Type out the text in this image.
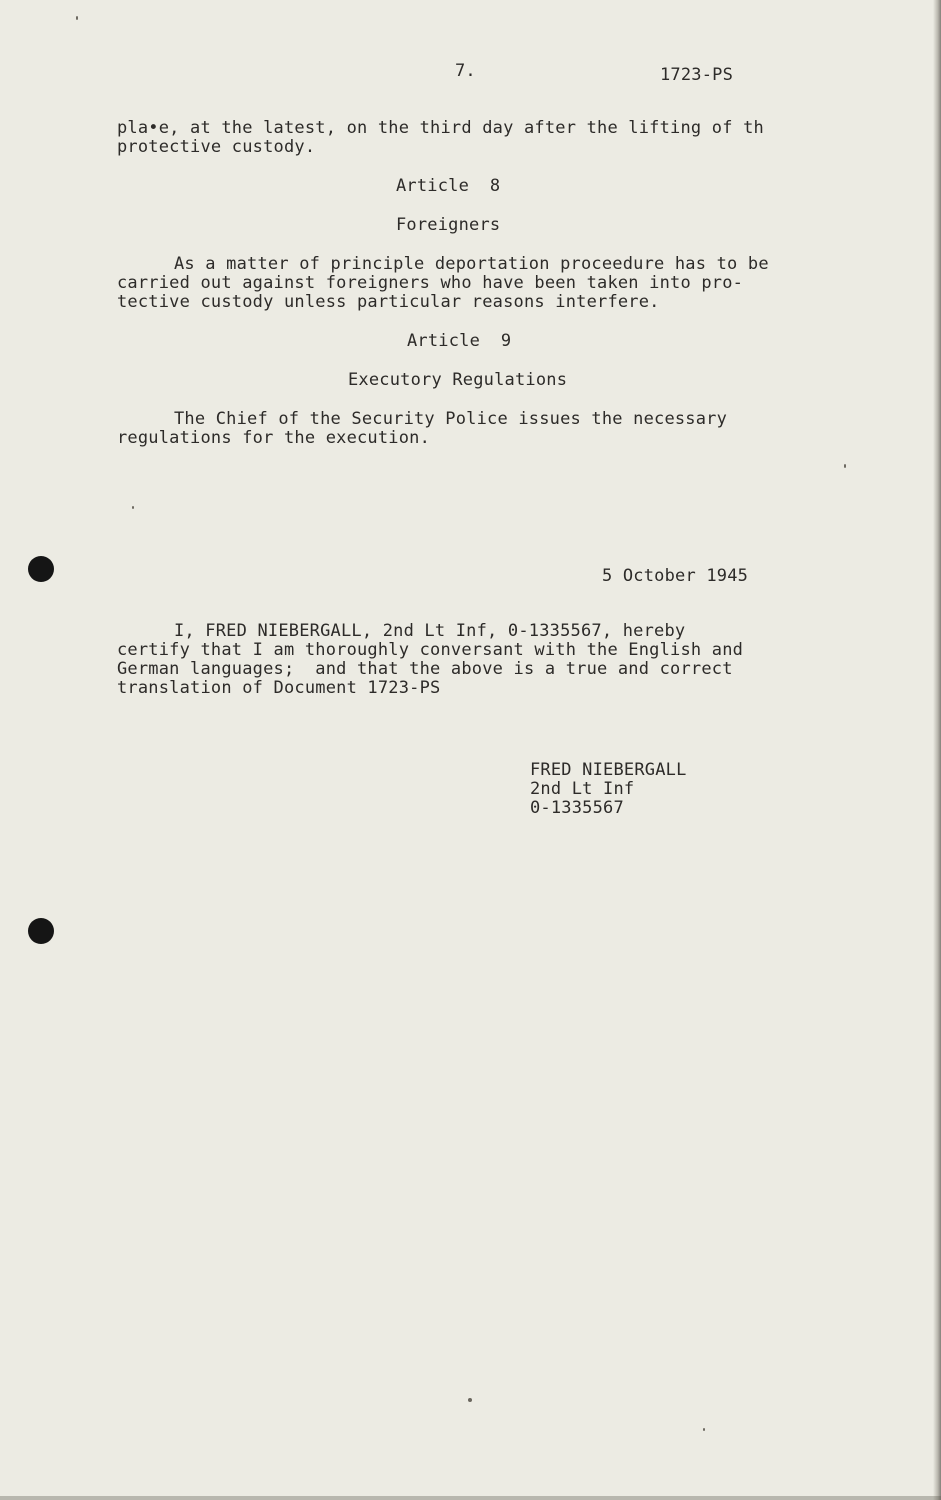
7.	1723-PS
pla•e, at the latest, on the third day after the lifting of th
protective custody.
Article  8
Foreigners
As a matter of principle deportation proceedure has to be
carried out against foreigners who have been taken into pro-
tective custody unless particular reasons interfere.
Article  9
Executory Regulations
The Chief of the Security Police issues the necessary
regulations for the execution.
5 October 1945
I, FRED NIEBERGALL, 2nd Lt Inf, 0-1335567, hereby
certify that I am thoroughly conversant with the English and
German languages;  and that the above is a true and correct
translation of Document 1723-PS
FRED NIEBERGALL
2nd Lt Inf
0-1335567
